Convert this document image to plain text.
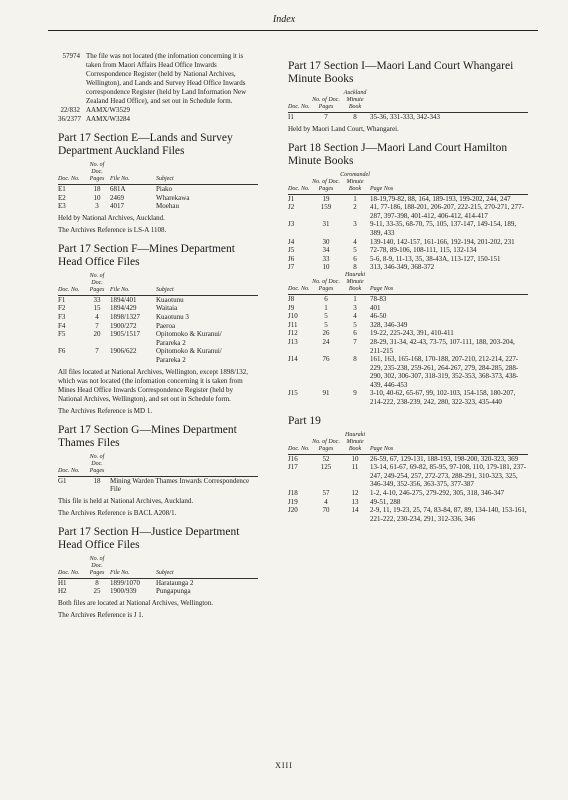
Index
57974 The file was not located (the infomation concerning it is taken from Maori Affairs Head Office Inwards Correspondence Register (held by National Archives, Wellington), and Lands and Survey Head Office Inwards correspondence Register (held by Land Information New Zealand Head Office), and set out in Schedule form.
22/832 AAMX/W3529
36/2377 AAMX/W3284
Part 17 Section E—Lands and Survey Department Auckland Files
Doc. No.	No. of Doc. Pages	File No.	Subject
E1	18	681A	Piako
E2	10	2469	Wharekawa
E3	3	4017	Moehau
Held by National Archives, Auckland.
The Archives Reference is LS-A 1108.
Part 17 Section F—Mines Department Head Office Files
Doc. No.	No. of Doc. Pages	File No.	Subject
F1	33	1894/401	Kuaotunu
F2	15	1894/429	Waitaia
F3	4	1898/1327	Kuaotunu 3
F4	7	1900/272	Paeroa
F5	20	1905/1517	Opitomoko & Kuranui/
			Parareka 2
F6	7	1906/622	Opitomoko & Kuranui/
			Parareka 2
All files located at National Archives, Wellington, except 1898/132, which was not located (the infomation concerning it is taken from Mines Head Office Inwards Correspondence Register (held by National Archives, Wellington), and set out in Schedule form.
The Archives Reference is MD 1.
Part 17 Section G—Mines Department Thames Files
Doc. No.	No. of Doc. Pages	
G1	18	Mining Warden Thames Inwards Correspondence File
This file is held at National Archives, Auckland.
The Archives Reference is BACL A208/1.
Part 17 Section H—Justice Department Head Office Files
Doc. No.	No. of Doc. Pages	File No.	Subject
H1	8	1899/1070	Harataunga 2
H2	25	1900/939	Pungapunga
Both files are located at National Archives, Wellington.
The Archives Reference is J 1.
Part 17 Section I—Maori Land Court Whangarei Minute Books
Doc. No.	No. of Doc. Pages	Auckland Minute Book	
I1	7	8	35-36, 331-333, 342-343
Held by Maori Land Court, Whangarei.
Part 18 Section J—Maori Land Court Hamilton Minute Books
Doc. No.	No. of Doc. Pages	Coromandel Minute Book	Page Nos
J1	19	1	18-19,79-82, 88, 164, 189-193, 199-202, 244, 247
J2	159	2	41, 77-186, 188-201, 206-207, 222-215, 270-271, 277-287, 397-398, 401-412, 406-412, 414-417
J3	31	3	9-11, 33-35, 68-70, 75, 105, 137-147, 149-154, 189, 389, 433
J4	30	4	139-140, 142-157, 161-166, 192-194, 201-202, 231
J5	34	5	72-78, 89-106, 108-111, 115, 132-134
J6	33	6	5-6, 8-9, 11-13, 35, 38-43A, 113-127, 150-151
J7	10	8	313, 346-349, 368-372
Doc. No.	No. of Doc. Pages	Hauraki Minute Book	Page Nos
J8	6	1	78-83
J9	1	3	401
J10	5	4	46-50
J11	5	5	328, 346-349
J12	26	6	19-22, 225-243, 391, 410-411
J13	24	7	28-29, 31-34, 42-43, 73-75, 107-111, 188, 203-204, 211-215
J14	76	8	161, 163, 165-168, 170-188, 207-210, 212-214, 227-229, 235-238, 259-261, 264-267, 279, 284-285, 288-290, 302, 306-307, 318-319, 352-353, 368-373, 438-439, 446-453
J15	91	9	3-10, 40-62, 65-67, 99, 102-103, 154-158, 180-207, 214-222, 238-239, 242, 280, 322-323, 435-440
Part 19
Doc. No.	No. of Doc. Pages	Hauraki Minute Book	Page Nos
J16	52	10	26-59, 67, 129-131, 188-193, 198-200, 320-323, 369
J17	125	11	13-14, 61-67, 69-82, 85-95, 97-108, 110, 179-181, 237-247, 249-254, 257, 272-273, 288-291, 310-323, 325, 346-349, 352-356, 363-375, 377-387
J18	57	12	1-2, 4-10, 246-275, 279-292, 305, 318, 346-347
J19	4	13	49-51, 288
J20	70	14	2-9, 11, 19-23, 25, 74, 83-84, 87, 89, 134-140, 153-161, 221-222, 230-234, 291, 312-336, 346
XIII
